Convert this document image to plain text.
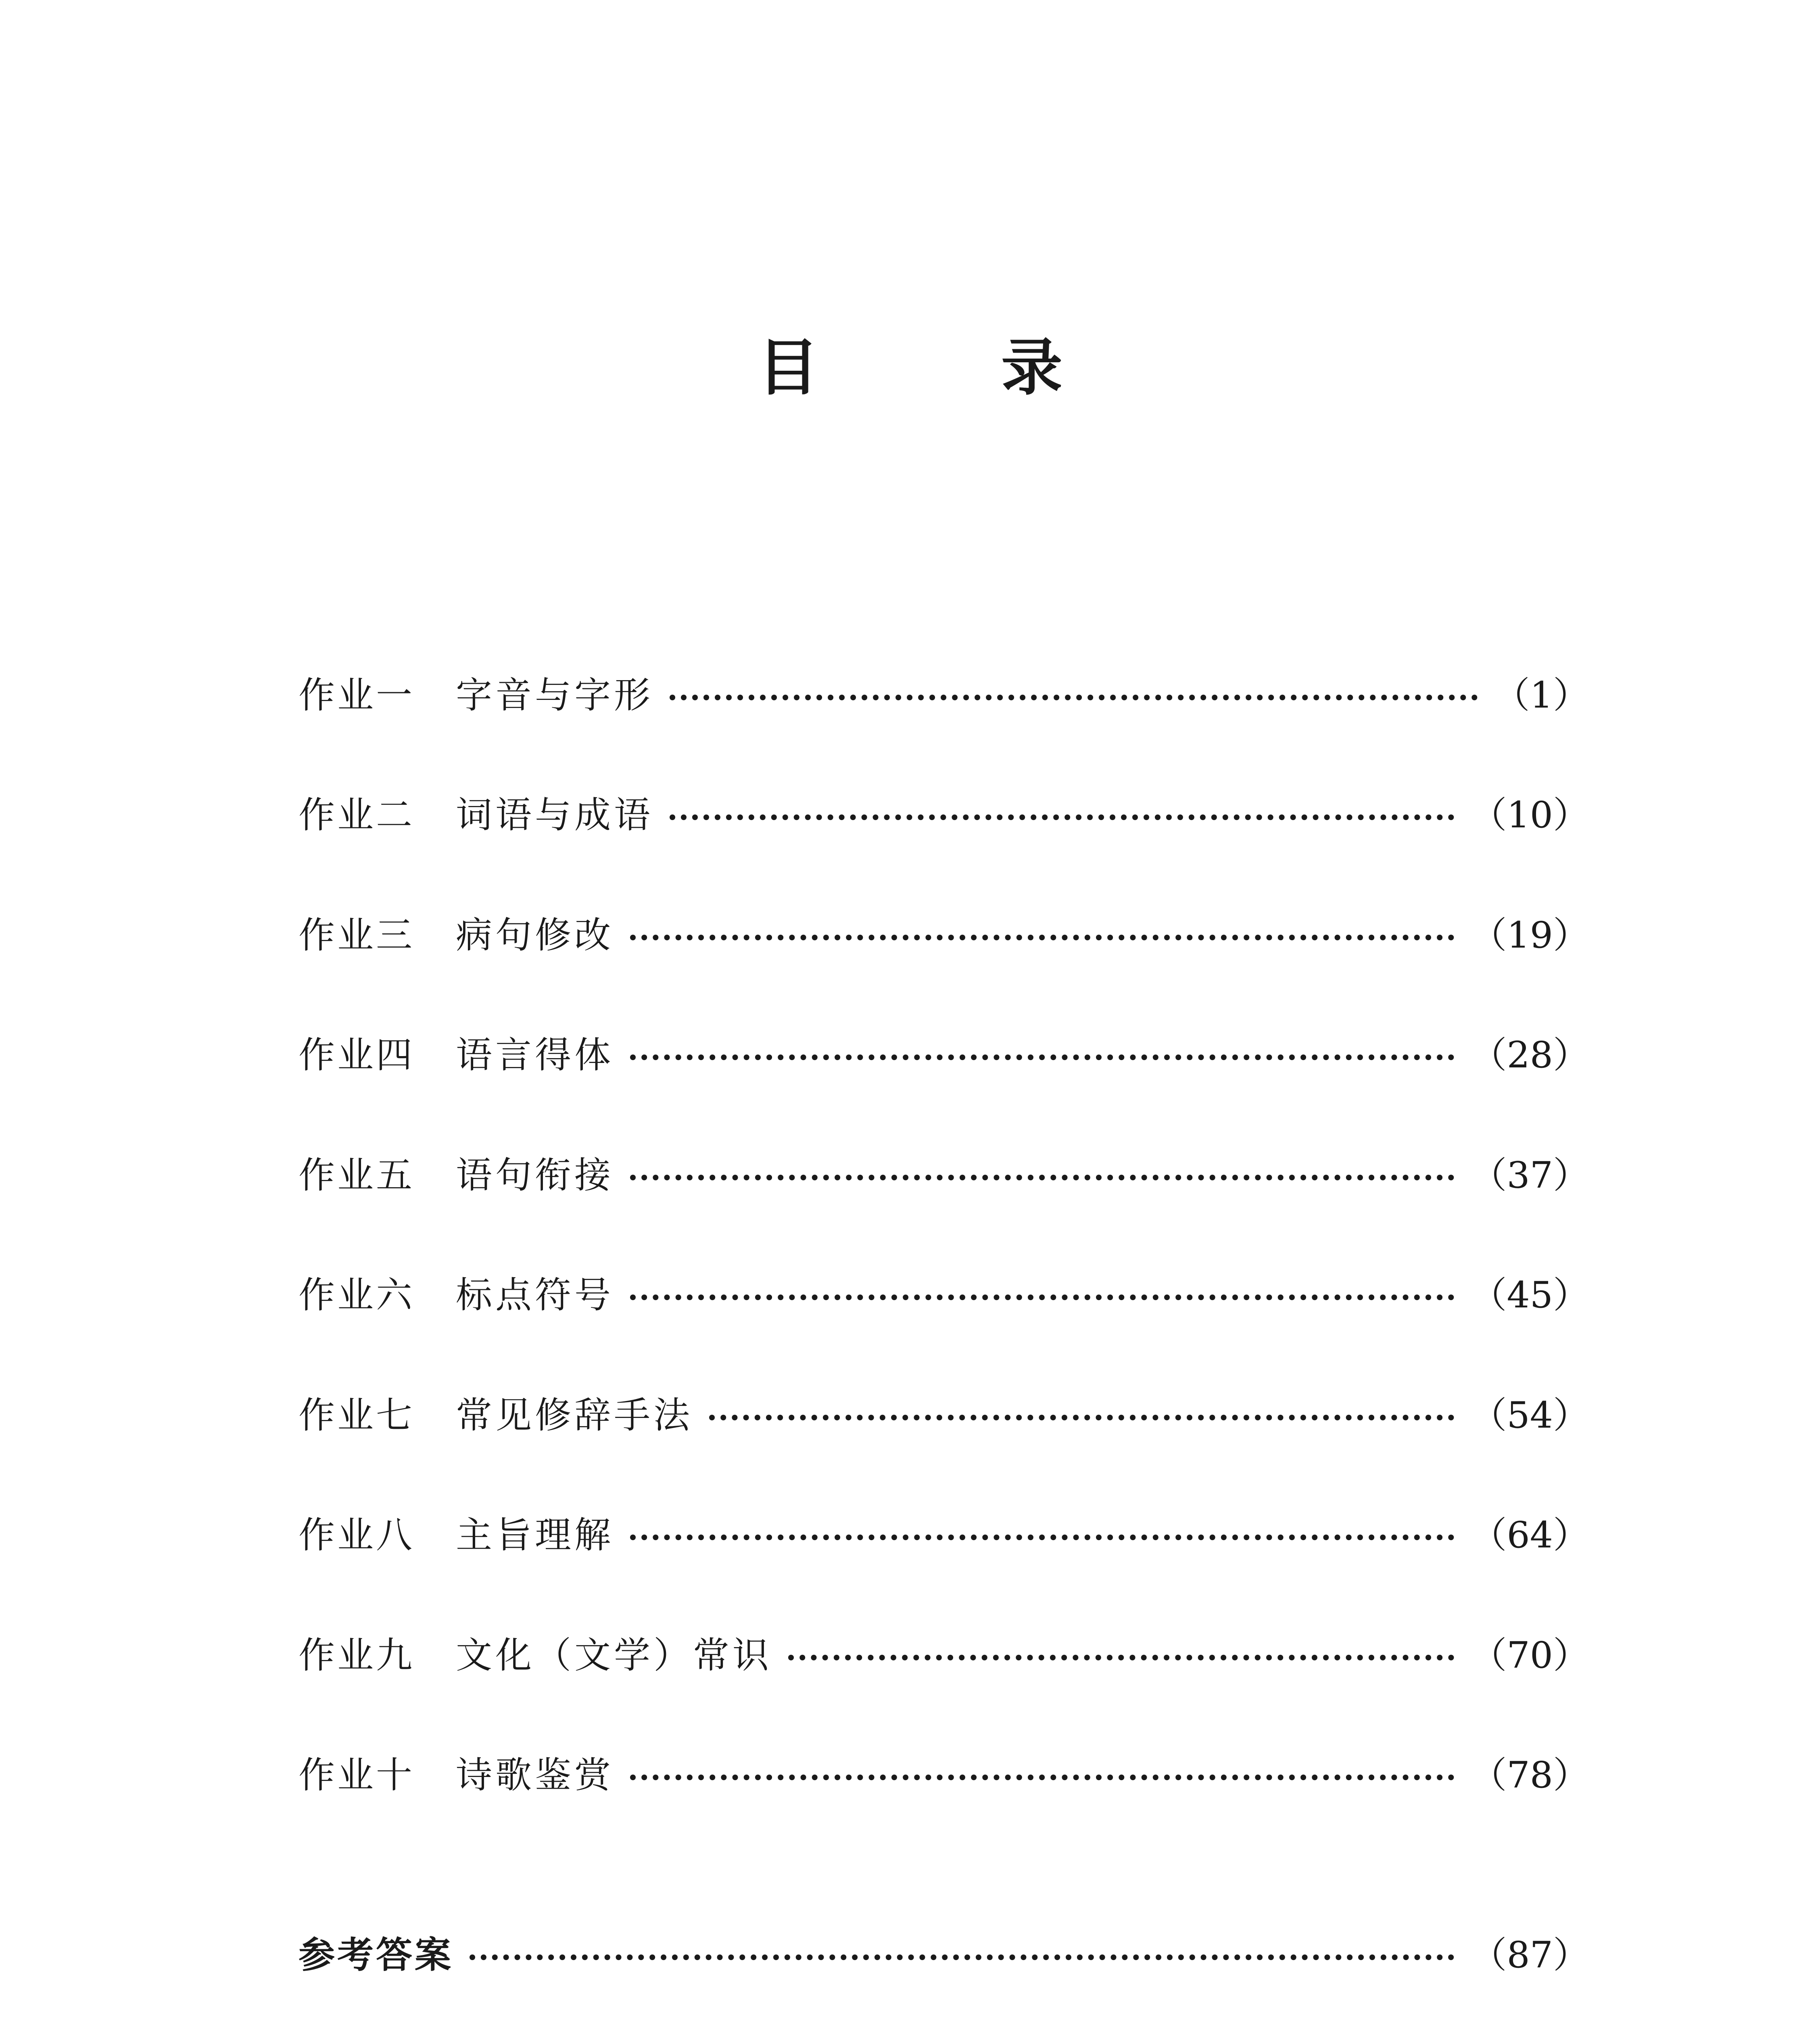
目　录
作业一	字音与字形	（1）
作业二	词语与成语	（10）
作业三	病句修改	（19）
作业四	语言得体	（28）
作业五	语句衔接	（37）
作业六	标点符号	（45）
作业七	常见修辞手法	（54）
作业八	主旨理解	（64）
作业九	文化（文学）常识	（70）
作业十	诗歌鉴赏	（78）
参考答案	（87）
